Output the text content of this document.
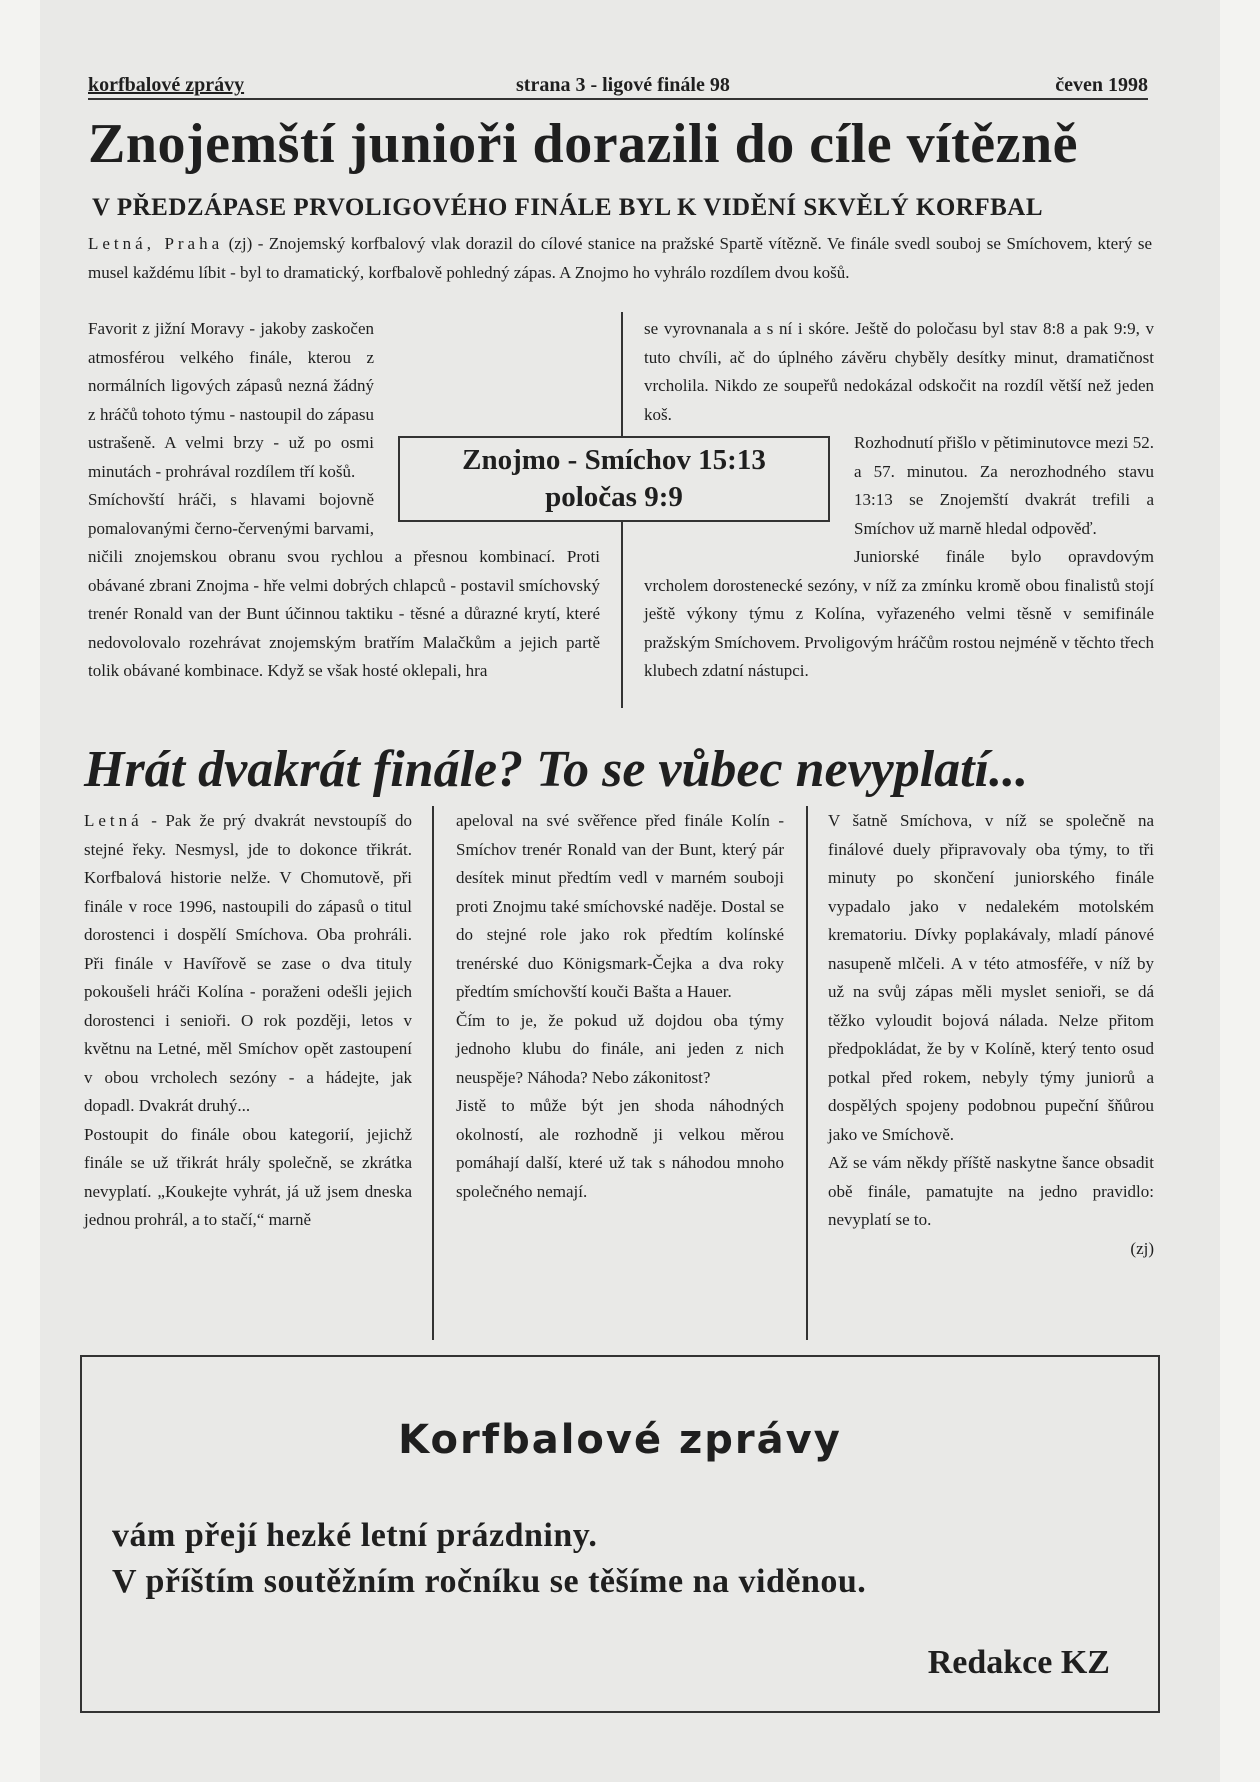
korfbalové zprávy	strana 3 - ligové finále 98	čeven 1998
Znojemští junioři dorazili do cíle vítězně
V PŘEDZÁPASE PRVOLIGOVÉHO FINÁLE BYL K VIDĚNÍ SKVĚLÝ KORFBAL
Letná, Praha (zj) - Znojemský korfbalový vlak dorazil do cílové stanice na pražské Spartě vítězně. Ve finále svedl souboj se Smíchovem, který se musel každému líbit - byl to dramatický, korfbalově pohledný zápas. A Znojmo ho vyhrálo rozdílem dvou košů.

Favorit z jižní Moravy - jakoby zaskočen atmosférou velkého finále, kterou z normálních ligových zápasů nezná žádný z hráčů tohoto týmu - nastoupil do zápasu ustrašeně. A velmi brzy - už po osmi minutách - prohrával rozdílem tří košů.

Smíchovští hráči, s hlavami bojovně pomalovanými černo-červenými barvami, ničili znojemskou obranu svou rychlou a přesnou kombinací. Proti obávané zbrani Znojma - hře velmi dobrých chlapců - postavil smíchovský trenér Ronald van der Bunt účinnou taktiku - těsné a důrazné krytí, které nedovolovalo rozehrávat znojemským bratřím Malačkům a jejich partě tolik obávané kombinace. Když se však hosté oklepali, hra

se vyrovnanala a s ní i skóre. Ještě do poločasu byl stav 8:8 a pak 9:9, v tuto chvíli, ač do úplného závěru chyběly desítky minut, dramatičnost vrcholila. Nikdo ze soupeřů nedokázal odskočit na rozdíl větší než jeden koš.

Rozhodnutí přišlo v pětiminutovce mezi 52. a 57. minutou. Za nerozhodného stavu 13:13 se Znojemští dvakrát trefili a Smíchov už marně hledal odpověď.

Juniorské finále bylo opravdovým vrcholem dorostenecké sezóny, v níž za zmínku kromě obou finalistů stojí ještě výkony týmu z Kolína, vyřazeného velmi těsně v semifinále pražským Smíchovem. Prvoligovým hráčům rostou nejméně v těchto třech klubech zdatní nástupci.

Znojmo - Smíchov 15:13
poločas 9:9
Hrát dvakrát finále? To se vůbec nevyplatí...

Letná - Pak že prý dvakrát nevstoupíš do stejné řeky. Nesmysl, jde to dokonce třikrát. Korfbalová historie nelže. V Chomutově, při finále v roce 1996, nastoupili do zápasů o titul dorostenci i dospělí Smíchova. Oba prohráli. Při finále v Havířově se zase o dva tituly pokoušeli hráči Kolína - poraženi odešli jejich dorostenci i senioři. O rok později, letos v květnu na Letné, měl Smíchov opět zastoupení v obou vrcholech sezóny - a hádejte, jak dopadl. Dvakrát druhý...

Postoupit do finále obou kategorií, jejichž finále se už třikrát hrály společně, se zkrátka nevyplatí. „Koukejte vyhrát, já už jsem dneska jednou prohrál, a to stačí,“ marně

apeloval na své svěřence před finále Kolín - Smíchov trenér Ronald van der Bunt, který pár desítek minut předtím vedl v marném souboji proti Znojmu také smíchovské naděje. Dostal se do stejné role jako rok předtím kolínské trenérské duo Königsmark-Čejka a dva roky předtím smíchovští kouči Bašta a Hauer.

Čím to je, že pokud už dojdou oba týmy jednoho klubu do finále, ani jeden z nich neuspěje? Náhoda? Nebo zákonitost?

Jistě to může být jen shoda náhodných okolností, ale rozhodně ji velkou měrou pomáhají další, které už tak s náhodou mnoho společného nemají.

V šatně Smíchova, v níž se společně na finálové duely připravovaly oba týmy, to tři minuty po skončení juniorského finále vypadalo jako v nedalekém motolském krematoriu. Dívky poplakávaly, mladí pánové nasupeně mlčeli. A v této atmosféře, v níž by už na svůj zápas měli myslet senioři, se dá těžko vyloudit bojová nálada. Nelze přitom předpokládat, že by v Kolíně, který tento osud potkal před rokem, nebyly týmy juniorů a dospělých spojeny podobnou pupeční šňůrou jako ve Smíchově.

Až se vám někdy příště naskytne šance obsadit obě finále, pamatujte na jedno pravidlo: nevyplatí se to.

(zj)

Korfbalové zprávy
vám přejí hezké letní prázdniny.
V příštím soutěžním ročníku se těšíme na viděnou.
Redakce KZ
